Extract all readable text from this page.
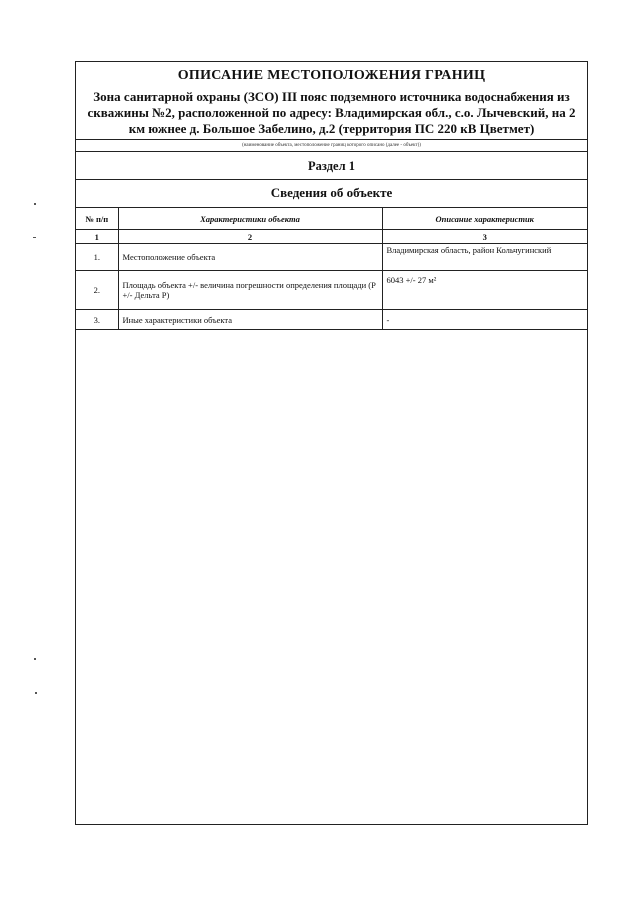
ОПИСАНИЕ МЕСТОПОЛОЖЕНИЯ ГРАНИЦ
Зона санитарной охраны (ЗСО) III пояс подземного источника водоснабжения из скважины №2, расположенной по адресу: Владимирская обл., с.о. Лычевский, на 2 км южнее д. Большое Забелино, д.2 (территория ПС 220 кВ Цветмет)
(наименование объекта, местоположение границ которого описано (далее - объект))
Раздел 1
Сведения об объекте
№ п/п	Характеристики объекта	Описание характеристик
1	2	3
1.	Местоположение объекта	Владимирская область, район Кольчугинский
2.	Площадь объекта +/- величина погрешности определения площади (Р +/- Дельта Р)	6043 +/- 27 м²
3.	Иные характеристики объекта	-
